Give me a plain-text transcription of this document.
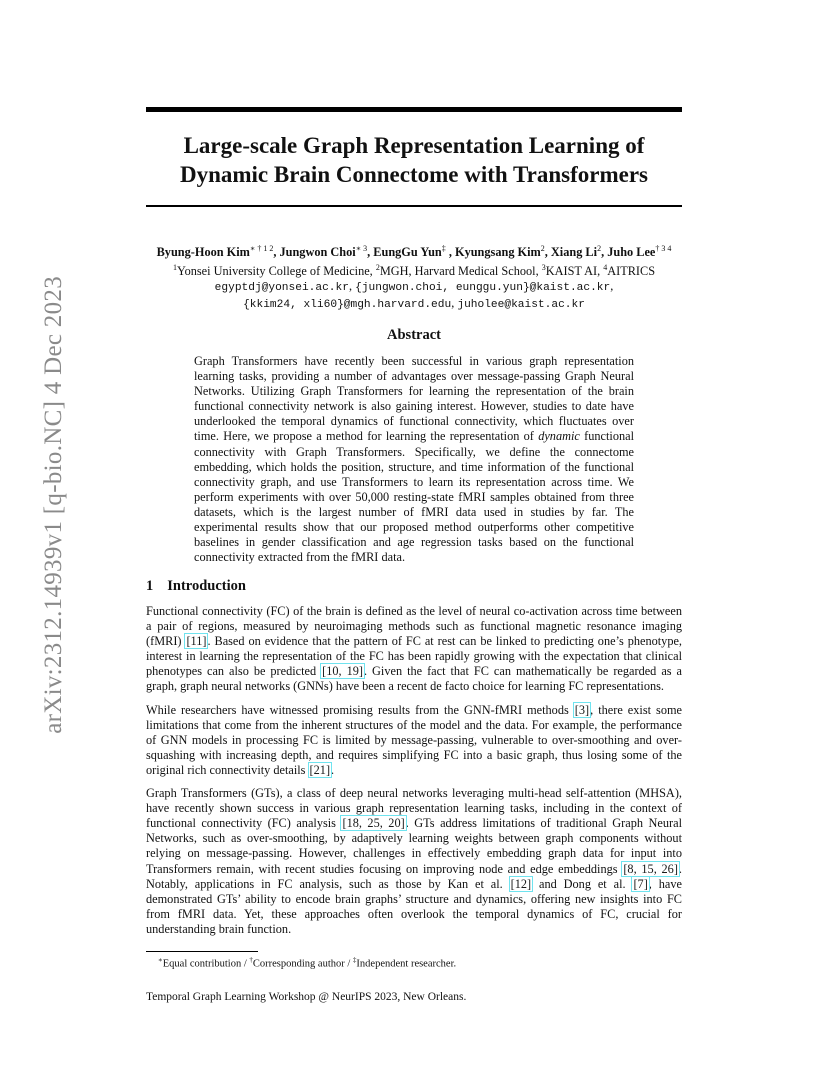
Large-scale Graph Representation Learning of
Dynamic Brain Connectome with Transformers
arXiv:2312.14939v1 [q-bio.NC] 4 Dec 2023
Byung-Hoon Kim$^{∗ \dagger 1 2}$, Jungwon Choi$^{∗ 3}$, EungGu Yun‡ , Kyungsang Kim$^2$, Xiang Li$^2$, Juho Lee$^{\dagger 3 4}$
$^1$Yonsei University College of Medicine, $^2$MGH, Harvard Medical School, $^3$KAIST AI, $^4$AITRICS
egyptdj@yonsei.ac.kr, {jungwon.choi, eunggu.yun}@kaist.ac.kr,
{kkim24, xli60}@mgh.harvard.edu, juholee@kaist.ac.kr
Abstract
Graph Transformers have recently been successful in various graph representation learning tasks, providing a number of advantages over message-passing Graph Neural Networks. Utilizing Graph Transformers for learning the representation of the brain functional connectivity network is also gaining interest. However, studies to date have underlooked the temporal dynamics of functional connectivity, which fluctuates over time. Here, we propose a method for learning the representation of dynamic functional connectivity with Graph Transformers. Specifically, we define the connectome embedding, which holds the position, structure, and time information of the functional connectivity graph, and use Transformers to learn its representation across time. We perform experiments with over 50,000 resting-state fMRI samples obtained from three datasets, which is the largest number of fMRI data used in studies by far. The experimental results show that our proposed method outperforms other competitive baselines in gender classification and age regression tasks based on the functional connectivity extracted from the fMRI data.
1 Introduction

Functional connectivity (FC) of the brain is defined as the level of neural co-activation across time between a pair of regions, measured by neuroimaging methods such as functional magnetic resonance imaging (fMRI) [11]. Based on evidence that the pattern of FC at rest can be linked to predicting one’s phenotype, interest in learning the representation of the FC has been rapidly growing with the expectation that clinical phenotypes can also be predicted [10, 19]. Given the fact that FC can mathematically be regarded as a graph, graph neural networks (GNNs) have been a recent de facto choice for learning FC representations.

While researchers have witnessed promising results from the GNN-fMRI methods [3], there exist some limitations that come from the inherent structures of the model and the data. For example, the performance of GNN models in processing FC is limited by message-passing, vulnerable to over-smoothing and over-squashing with increasing depth, and requires simplifying FC into a basic graph, thus losing some of the original rich connectivity details [21].

Graph Transformers (GTs), a class of deep neural networks leveraging multi-head self-attention (MHSA), have recently shown success in various graph representation learning tasks, including in the context of functional connectivity (FC) analysis [18, 25, 20]. GTs address limitations of traditional Graph Neural Networks, such as over-smoothing, by adaptively learning weights between graph components without relying on message-passing. However, challenges in effectively embedding graph data for input into Transformers remain, with recent studies focusing on improving node and edge embeddings [8, 15, 26]. Notably, applications in FC analysis, such as those by Kan et al. [12] and Dong et al. [7], have demonstrated GTs’ ability to encode brain graphs’ structure and dynamics, offering new insights into FC from fMRI data. Yet, these approaches often overlook the temporal dynamics of FC, crucial for understanding brain function.

∗Equal contribution / †Corresponding author / ‡Independent researcher.
Temporal Graph Learning Workshop @ NeurIPS 2023, New Orleans.
